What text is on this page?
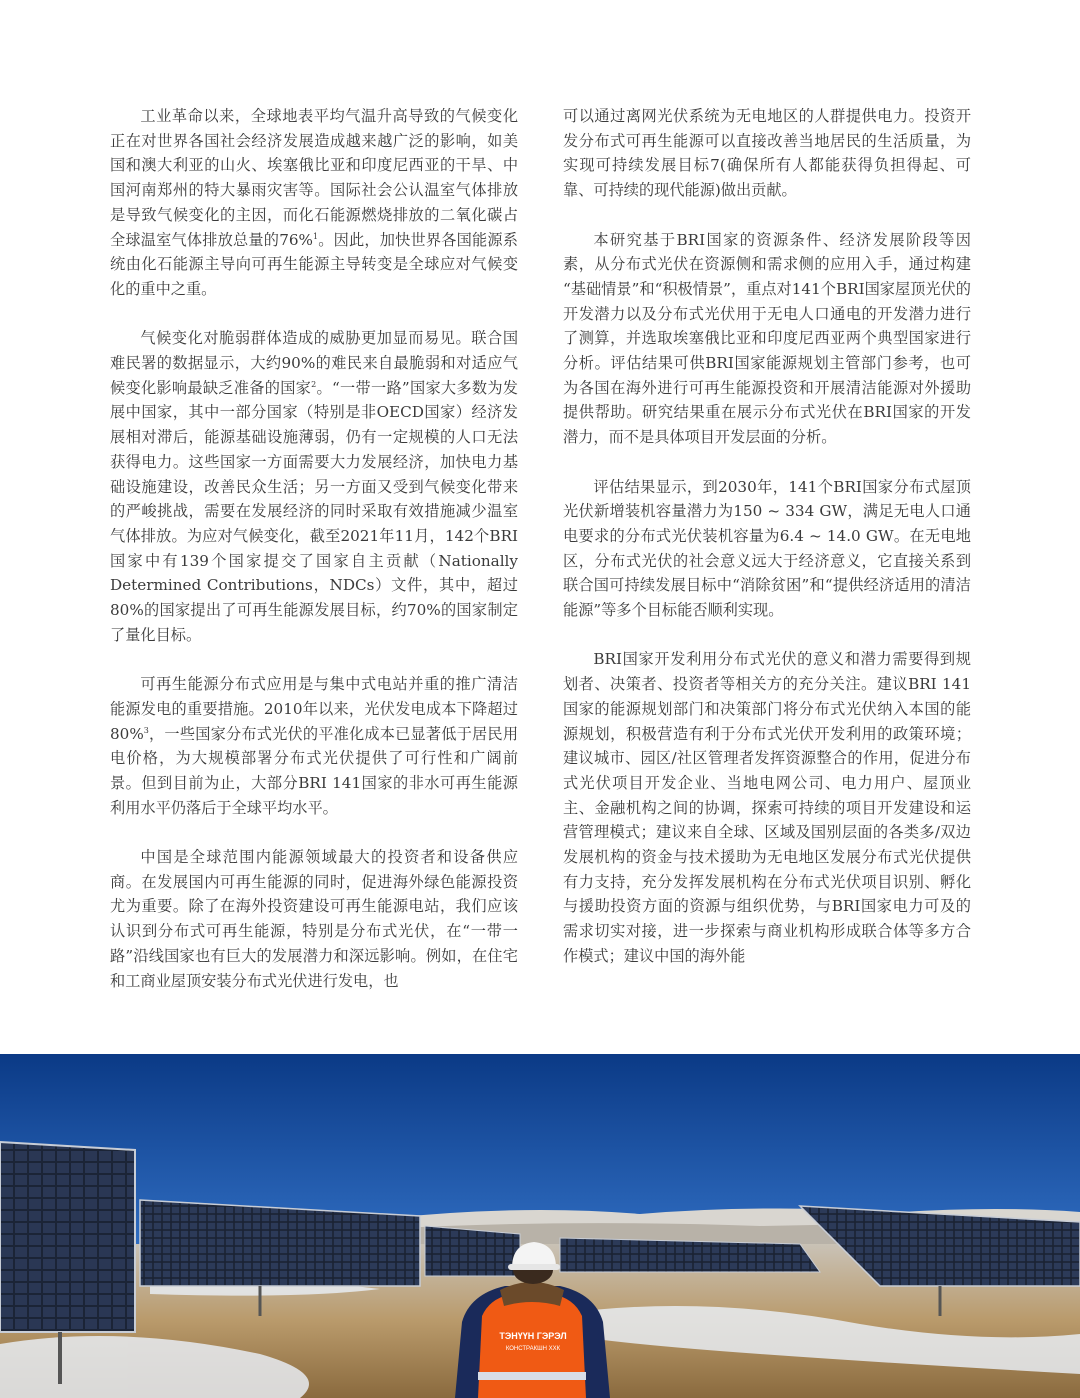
工业革命以来，全球地表平均气温升高导致的气候变化正在对世界各国社会经济发展造成越来越广泛的影响，如美国和澳大利亚的山火、埃塞俄比亚和印度尼西亚的干旱、中国河南郑州的特大暴雨灾害等。国际社会公认温室气体排放是导致气候变化的主因，而化石能源燃烧排放的二氧化碳占全球温室气体排放总量的76%$^1$。因此，加快世界各国能源系统由化石能源主导向可再生能源主导转变是全球应对气候变化的重中之重。

气候变化对脆弱群体造成的威胁更加显而易见。联合国难民署的数据显示，大约90%的难民来自最脆弱和对适应气候变化影响最缺乏准备的国家$^2$。“一带一路”国家大多数为发展中国家，其中一部分国家（特别是非OECD国家）经济发展相对滞后，能源基础设施薄弱，仍有一定规模的人口无法获得电力。这些国家一方面需要大力发展经济，加快电力基础设施建设，改善民众生活；另一方面又受到气候变化带来的严峻挑战，需要在发展经济的同时采取有效措施减少温室气体排放。为应对气候变化，截至2021年11月，142个BRI国家中有139个国家提交了国家自主贡献（Nationally Determined Contributions，NDCs）文件，其中，超过80%的国家提出了可再生能源发展目标，约70%的国家制定了量化目标。

可再生能源分布式应用是与集中式电站并重的推广清洁能源发电的重要措施。2010年以来，光伏发电成本下降超过 80%$^3$，一些国家分布式光伏的平准化成本已显著低于居民用电价格，为大规模部署分布式光伏提供了可行性和广阔前景。但到目前为止，大部分BRI 141国家的非水可再生能源利用水平仍落后于全球平均水平。

中国是全球范围内能源领域最大的投资者和设备供应商。在发展国内可再生能源的同时，促进海外绿色能源投资尤为重要。除了在海外投资建设可再生能源电站，我们应该认识到分布式可再生能源，特别是分布式光伏，在“一带一路”沿线国家也有巨大的发展潜力和深远影响。例如，在住宅和工商业屋顶安装分布式光伏进行发电，也

可以通过离网光伏系统为无电地区的人群提供电力。投资开发分布式可再生能源可以直接改善当地居民的生活质量，为实现可持续发展目标7(确保所有人都能获得负担得起、可靠、可持续的现代能源)做出贡献。

本研究基于BRI国家的资源条件、经济发展阶段等因素，从分布式光伏在资源侧和需求侧的应用入手，通过构建 “基础情景”和“积极情景”，重点对141个BRI国家屋顶光伏的开发潜力以及分布式光伏用于无电人口通电的开发潜力进行了测算，并选取埃塞俄比亚和印度尼西亚两个典型国家进行分析。评估结果可供BRI国家能源规划主管部门参考，也可为各国在海外进行可再生能源投资和开展清洁能源对外援助提供帮助。研究结果重在展示分布式光伏在BRI国家的开发潜力，而不是具体项目开发层面的分析。

评估结果显示，到2030年，141个BRI国家分布式屋顶光伏新增装机容量潜力为150 ~ 334 GW，满足无电人口通电要求的分布式光伏装机容量为6.4 ~ 14.0 GW。在无电地区，分布式光伏的社会意义远大于经济意义，它直接关系到联合国可持续发展目标中“消除贫困”和“提供经济适用的清洁能源”等多个目标能否顺利实现。

BRI国家开发利用分布式光伏的意义和潜力需要得到规划者、决策者、投资者等相关方的充分关注。建议BRI 141国家的能源规划部门和决策部门将分布式光伏纳入本国的能源规划，积极营造有利于分布式光伏开发利用的政策环境；建议城市、园区/社区管理者发挥资源整合的作用，促进分布式光伏项目开发企业、当地电网公司、电力用户、屋顶业主、金融机构之间的协调，探索可持续的项目开发建设和运营管理模式；建议来自全球、区域及国别层面的各类多/双边发展机构的资金与技术援助为无电地区发展分布式光伏提供有力支持，充分发挥发展机构在分布式光伏项目识别、孵化与援助投资方面的资源与组织优势，与BRI国家电力可及的需求切实对接，进一步探索与商业机构形成联合体等多方合作模式；建议中国的海外能

ТЭНҮҮН ГЭРЭЛ
КОНСТРАКШН ХХК
